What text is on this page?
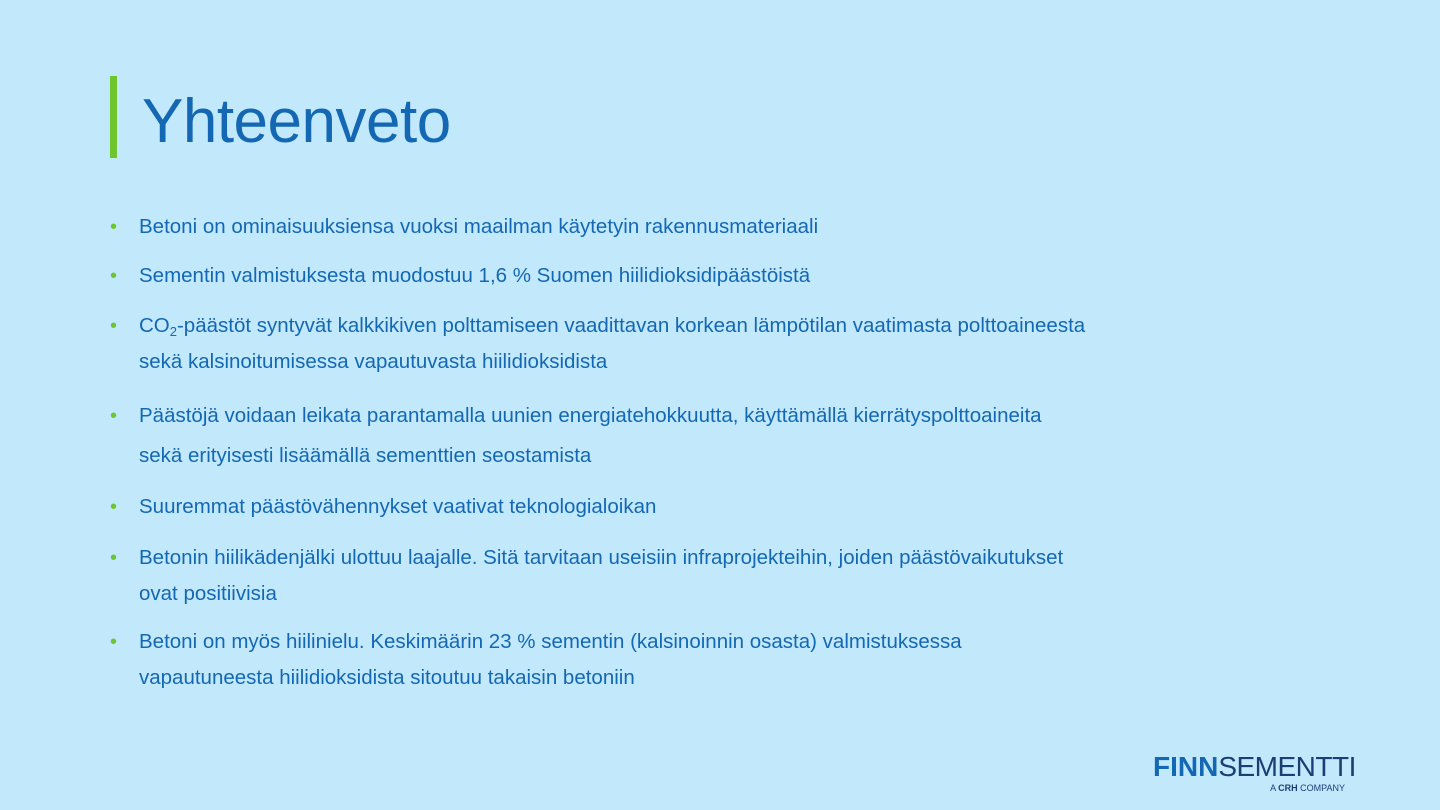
Yhteenveto
•	Betoni on ominaisuuksiensa vuoksi maailman käytetyin rakennusmateriaali
•	Sementin valmistuksesta muodostuu 1,6 % Suomen hiilidioksidipäästöistä
•	$CO_2$-päästöt syntyvät kalkkikiven polttamiseen vaadittavan korkean lämpötilan vaatimasta polttoaineesta sekä kalsinoitumisessa vapautuvasta hiilidioksidista
•	Päästöjä voidaan leikata parantamalla uunien energiatehokkuutta, käyttämällä kierrätyspolttoaineita sekä erityisesti lisäämällä sementtien seostamista
•	Suuremmat päästövähennykset vaativat teknologialoikan
•	Betonin hiilikädenjälki ulottuu laajalle. Sitä tarvitaan useisiin infraprojekteihin, joiden päästövaikutukset ovat positiivisia
•	Betoni on myös hiilinielu. Keskimäärin 23 % sementin (kalsinoinnin osasta) valmistuksessa vapautuneesta hiilidioksidista sitoutuu takaisin betoniin
FINNSEMENTTI
A CRH COMPANY
